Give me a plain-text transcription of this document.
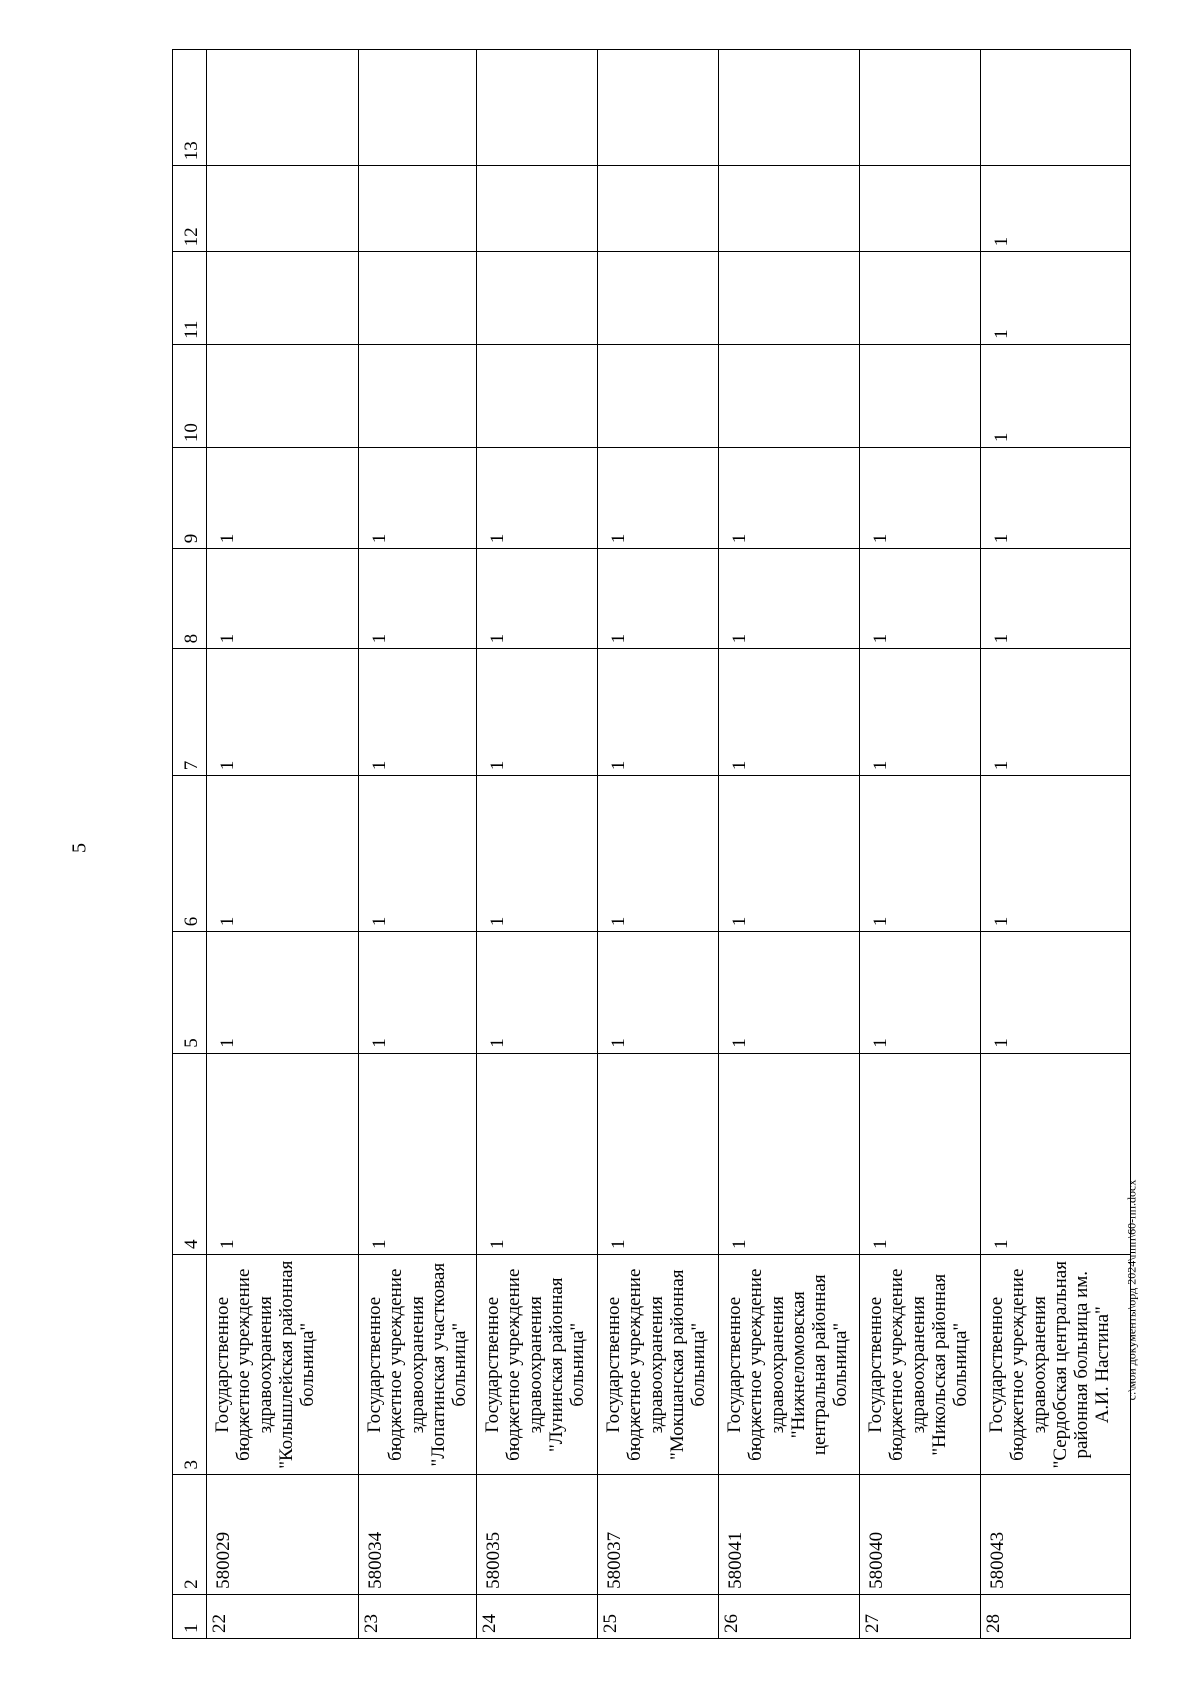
5
1	2	3	4	5	6	7	8	9	10	11	12	13
22	580029	Государственное бюджетное учреждение здравоохранения "Колышлейская районная больница"	1	1	1	1	1	1				
23	580034	Государственное бюджетное учреждение здравоохранения "Лопатинская участковая больница"	1	1	1	1	1	1				
24	580035	Государственное бюджетное учреждение здравоохранения "Лунинская районная больница"	1	1	1	1	1	1				
25	580037	Государственное бюджетное учреждение здравоохранения "Мокшанская районная больница"	1	1	1	1	1	1				
26	580041	Государственное бюджетное учреждение здравоохранения "Нижнеломовская центральная районная больница"	1	1	1	1	1	1				
27	580040	Государственное бюджетное учреждение здравоохранения "Никольская районная больница"	1	1	1	1	1	1				
28	580043	Государственное бюджетное учреждение здравоохранения "Сердобская центральная районная больница им. А.И. Настина"	1	1	1	1	1	1	1	1	1	
c:\мои документы\орд 2024\ппп\60-пп.docx
